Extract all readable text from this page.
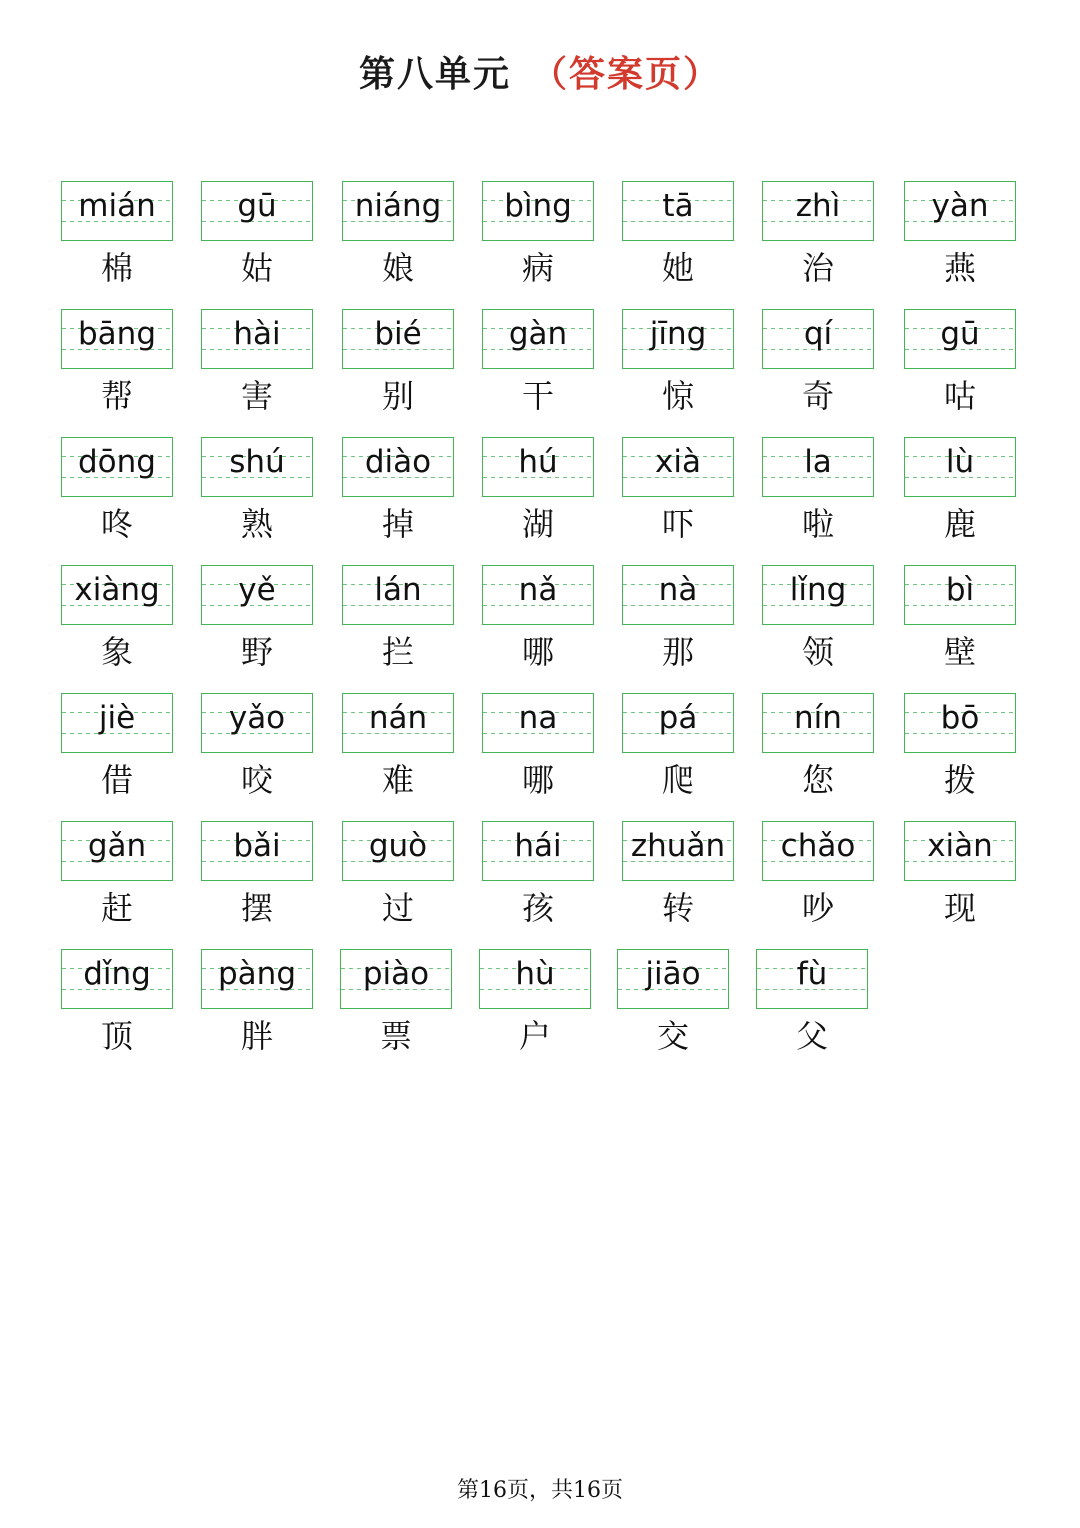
第八单元 （答案页）
mián
棉
gū
姑
niáng
娘
bìng
病
tā
她
zhì
治
yàn
燕
bāng
帮
hài
害
bié
别
gàn
干
jīng
惊
qí
奇
gū
咕
dōng
咚
shú
熟
diào
掉
hú
湖
xià
吓
la
啦
lù
鹿
xiàng
象
yě
野
lán
拦
nǎ
哪
nà
那
lǐng
领
bì
壁
jiè
借
yǎo
咬
nán
难
na
哪
pá
爬
nín
您
bō
拨
gǎn
赶
bǎi
摆
guò
过
hái
孩
zhuǎn
转
chǎo
吵
xiàn
现
dǐng
顶
pàng
胖
piào
票
hù
户
jiāo
交
fù
父
第16页，共16页
